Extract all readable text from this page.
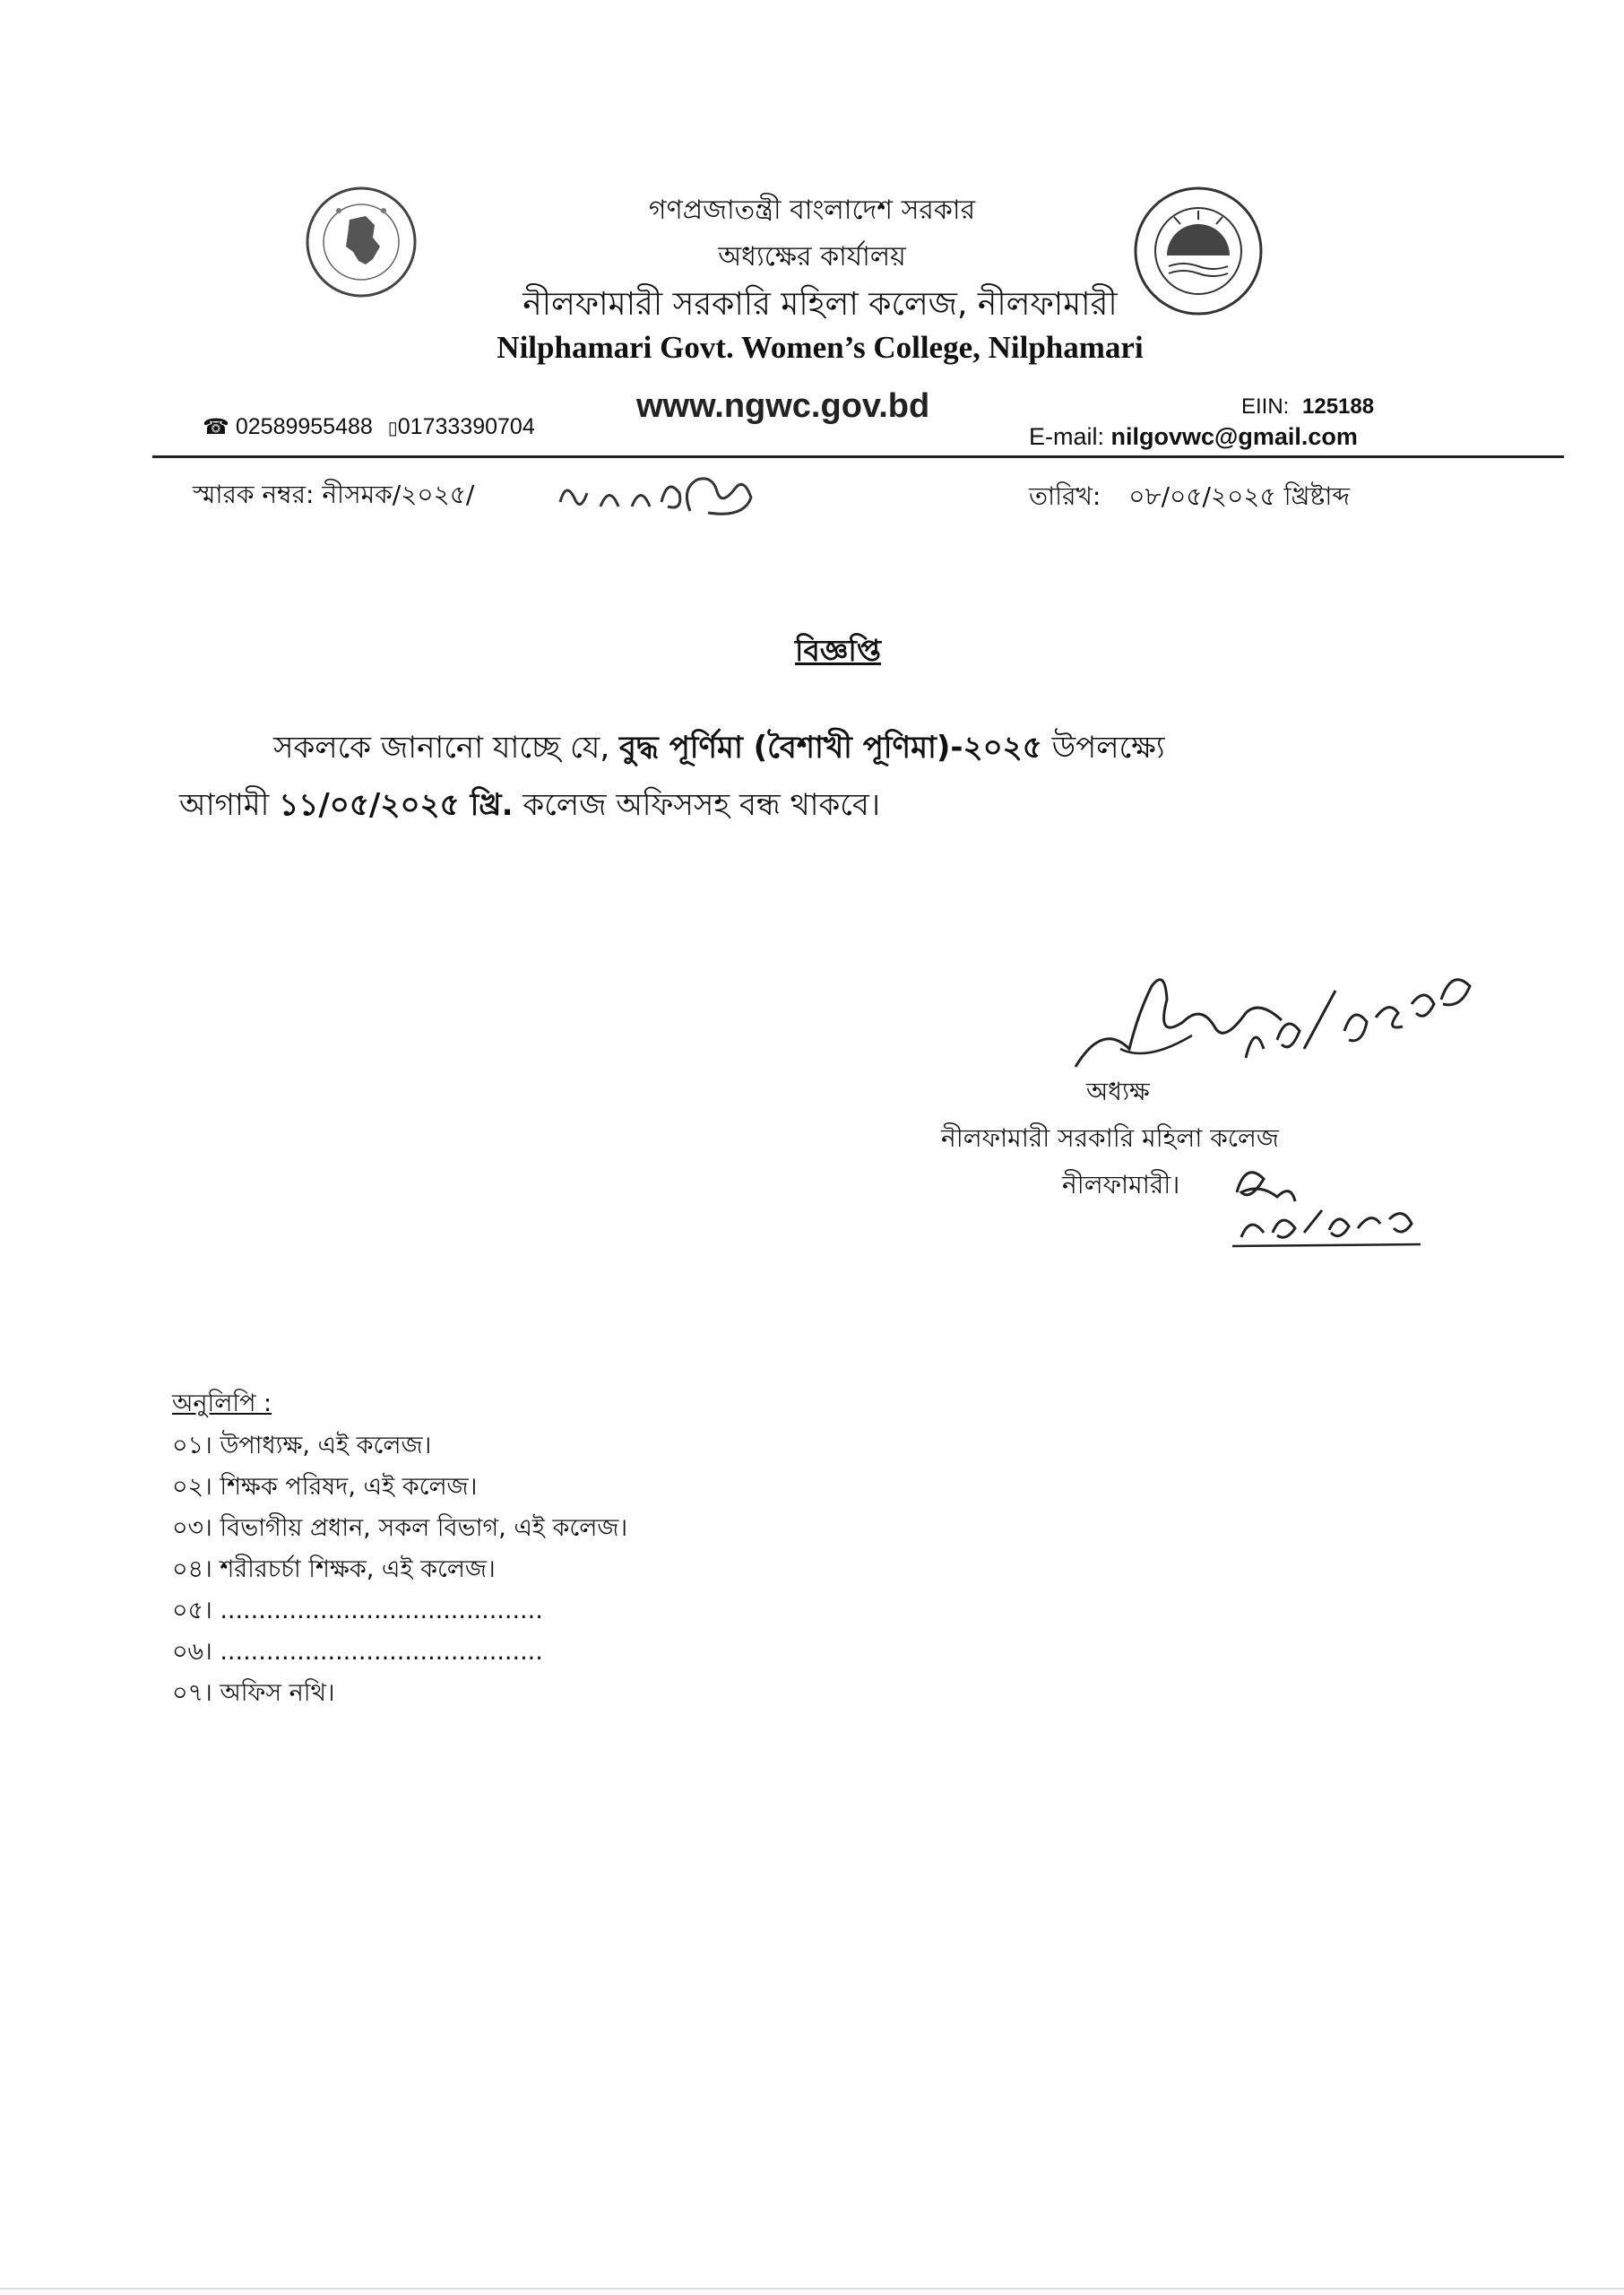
গণপ্রজাতন্ত্রী বাংলাদেশ সরকার
অধ্যক্ষের কার্যালয়
নীলফামারী সরকারি মহিলা কলেজ, নীলফামারী
Nilphamari Govt. Women’s College, Nilphamari
www.ngwc.gov.bd
☎ 02589955488 ▯01733390704
EIIN: 125188
E-mail: nilgovwc@gmail.com
স্মারক নম্বর: নীসমক/২০২৫/	তারিখ: ০৮/০৫/২০২৫ খ্রিষ্টাব্দ
বিজ্ঞপ্তি
সকলকে জানানো যাচ্ছে যে, বুদ্ধ পূর্ণিমা (বৈশাখী পূণিমা)-২০২৫ উপলক্ষ্যে
আগামী ১১/০৫/২০২৫ খ্রি. কলেজ অফিসসহ বন্ধ থাকবে।
অধ্যক্ষ
নীলফামারী সরকারি মহিলা কলেজ
নীলফামারী।
অনুলিপি :
০১। উপাধ্যক্ষ, এই কলেজ।
০২। শিক্ষক পরিষদ, এই কলেজ।
০৩। বিভাগীয় প্রধান, সকল বিভাগ, এই কলেজ।
০৪। শরীরচর্চা শিক্ষক, এই কলেজ।
০৫। ..........................................
০৬। ..........................................
০৭। অফিস নথি।
